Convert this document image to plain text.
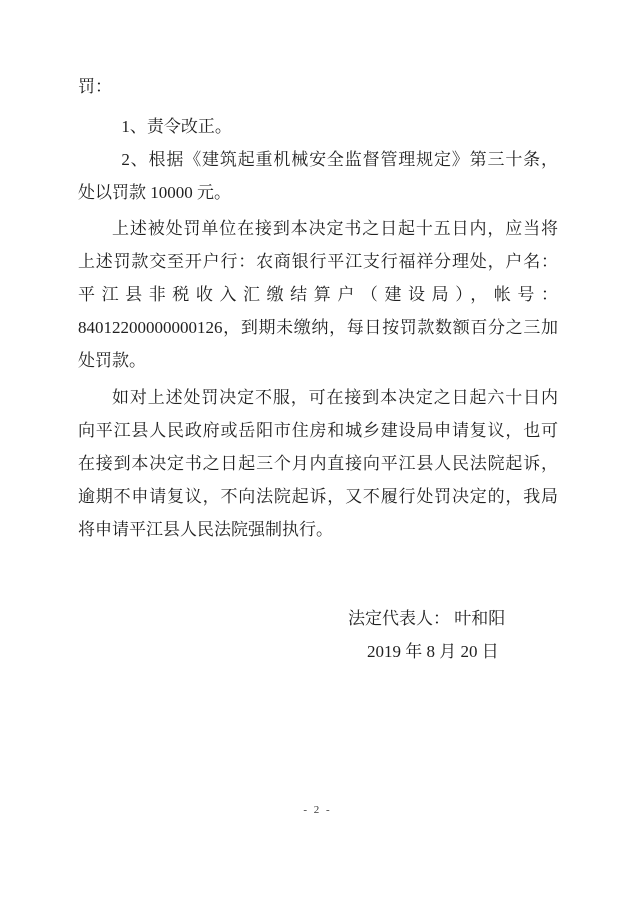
罚：
1、责令改正。
2、根据《建筑起重机械安全监督管理规定》第三十条，
处以罚款 10000 元。
上述被处罚单位在接到本决定书之日起十五日内，应当将
上述罚款交至开户行：农商银行平江支行福祥分理处，户名：
平江县非税收入汇缴结算户（建设局），帐号：
84012200000000126，到期未缴纳，每日按罚款数额百分之三加
处罚款。
如对上述处罚决定不服，可在接到本决定之日起六十日内
向平江县人民政府或岳阳市住房和城乡建设局申请复议，也可
在接到本决定书之日起三个月内直接向平江县人民法院起诉，
逾期不申请复议，不向法院起诉，又不履行处罚决定的，我局
将申请平江县人民法院强制执行。
法定代表人： 叶和阳
2019 年 8 月 20 日
- 2 -
